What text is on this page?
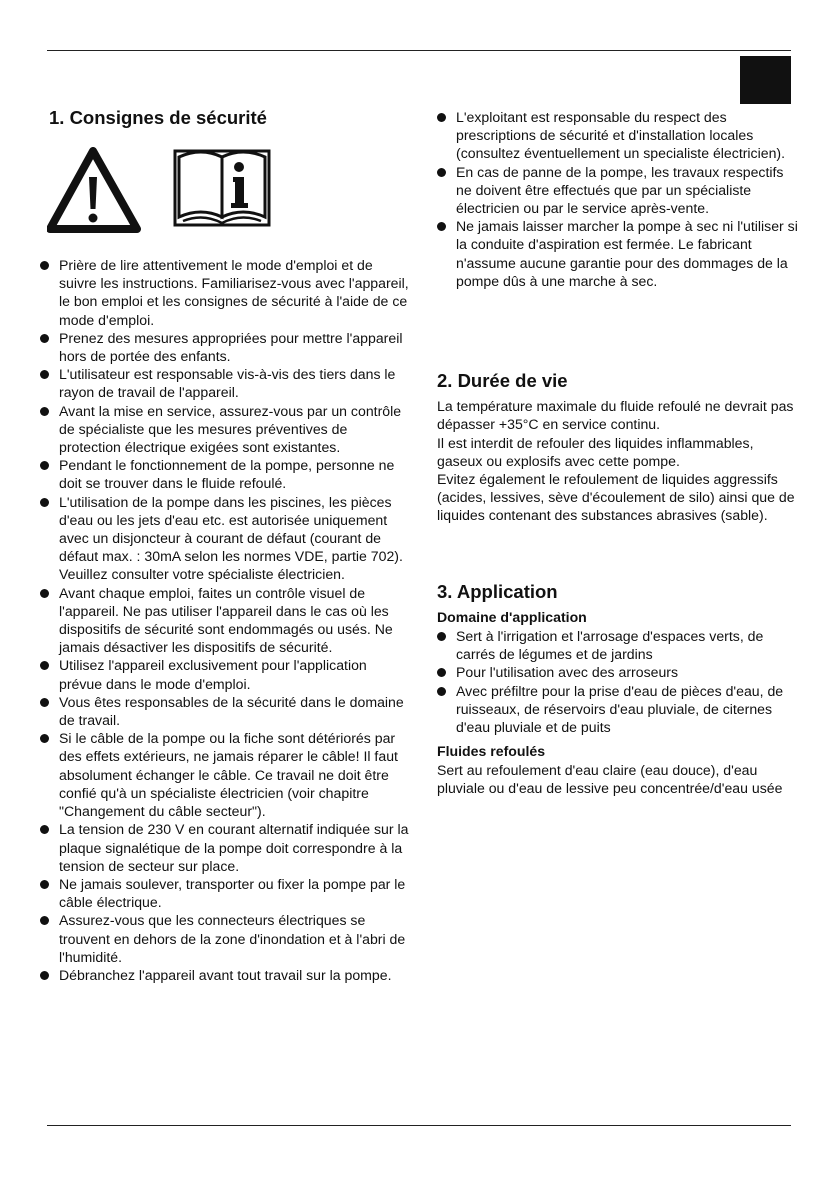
1. Consignes de sécurité
Prière de lire attentivement le mode d'emploi et de suivre les instructions. Familiarisez-vous avec l'appareil, le bon emploi et les consignes de sécurité à l'aide de ce mode d'emploi.
Prenez des mesures appropriées pour mettre l'appareil hors de portée des enfants.
L'utilisateur est responsable vis-à-vis des tiers dans le rayon de travail de l'appareil.
Avant la mise en service, assurez-vous par un contrôle de spécialiste que les mesures préventives de protection électrique exigées sont existantes.
Pendant le fonctionnement de la pompe, personne ne doit se trouver dans le fluide refoulé.
L'utilisation de la pompe dans les piscines, les pièces d'eau ou les jets d'eau etc. est autorisée uniquement avec un disjoncteur à courant de défaut (courant de défaut max. : 30mA selon les normes VDE, partie 702). Veuillez consulter votre spécialiste électricien.
Avant chaque emploi, faites un contrôle visuel de l'appareil. Ne pas utiliser l'appareil dans le cas où les dispositifs de sécurité sont endommagés ou usés. Ne jamais désactiver les dispositifs de sécurité.
Utilisez l'appareil exclusivement pour l'application prévue dans le mode d'emploi.
Vous êtes responsables de la sécurité dans le domaine de travail.
Si le câble de la pompe ou la fiche sont détériorés par des effets extérieurs, ne jamais réparer le câble! Il faut absolument échanger le câble. Ce travail ne doit être confié qu'à un spécialiste électricien (voir chapitre "Changement du câble secteur").
La tension de 230 V en courant alternatif indiquée sur la plaque signalétique de la pompe doit correspondre à la tension de secteur sur place.
Ne jamais soulever, transporter ou fixer la pompe par le câble électrique.
Assurez-vous que les connecteurs électriques se trouvent en dehors de la zone d'inondation et à l'abri de l'humidité.
Débranchez l'appareil avant tout travail sur la pompe.
L'exploitant est responsable du respect des prescriptions de sécurité et d'installation locales (consultez éventuellement un specialiste électricien).
En cas de panne de la pompe, les travaux respectifs ne doivent être effectués que par un spécialiste électricien ou par le service après-vente.
Ne jamais laisser marcher la pompe à sec ni l'utiliser si la conduite d'aspiration est fermée. Le fabricant n'assume aucune garantie pour des dommages de la pompe dûs à une marche à sec.
2. Durée de vie

La température maximale du fluide refoulé ne devrait pas dépasser +35°C en service continu.

Il est interdit de refouler des liquides inflammables, gaseux ou explosifs avec cette pompe.

Evitez également le refoulement de liquides aggressifs (acides, lessives, sève d'écoulement de silo) ainsi que de liquides contenant des substances abrasives (sable).

3. Application

Domaine d'application

Sert à l'irrigation et l'arrosage d'espaces verts, de carrés de légumes et de jardins
Pour l'utilisation avec des arroseurs
Avec préfiltre pour la prise d'eau de pièces d'eau, de ruisseaux, de réservoirs d'eau pluviale, de citernes d'eau pluviale et de puits

Fluides refoulés

Sert au refoulement d'eau claire (eau douce), d'eau pluviale ou d'eau de lessive peu concentrée/d'eau usée
